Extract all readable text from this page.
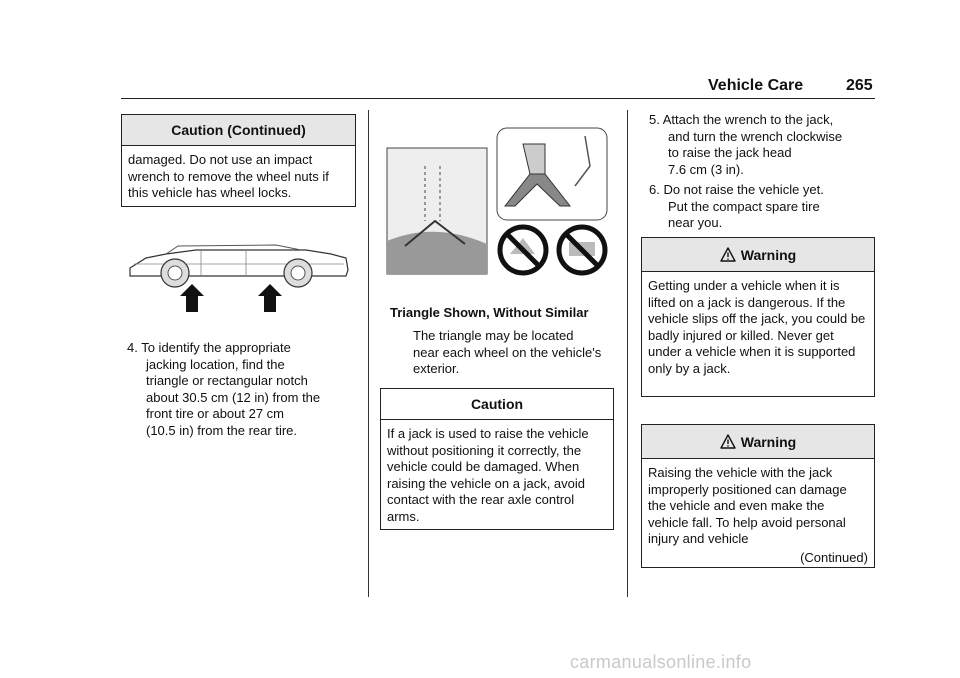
Vehicle Care	265
Caution (Continued)
damaged. Do not use an impact wrench to remove the wheel nuts if this vehicle has wheel locks.
4. To identify the appropriate
jacking location, find the
triangle or rectangular notch
about 30.5 cm (12 in) from the
front tire or about 27 cm
(10.5 in) from the rear tire.
Triangle Shown, Without Similar
The triangle may be located near each wheel on the vehicle's exterior.
Caution
If a jack is used to raise the vehicle without positioning it correctly, the vehicle could be damaged. When raising the vehicle on a jack, avoid contact with the rear axle control arms.
5. Attach the wrench to the jack,
and turn the wrench clockwise
to raise the jack head
7.6 cm (3 in).
6. Do not raise the vehicle yet.
Put the compact spare tire
near you.
Warning
Getting under a vehicle when it is lifted on a jack is dangerous. If the vehicle slips off the jack, you could be badly injured or killed. Never get under a vehicle when it is supported only by a jack.
Warning
Raising the vehicle with the jack improperly positioned can damage the vehicle and even make the vehicle fall. To help avoid personal injury and vehicle
(Continued)
carmanualsonline.info
